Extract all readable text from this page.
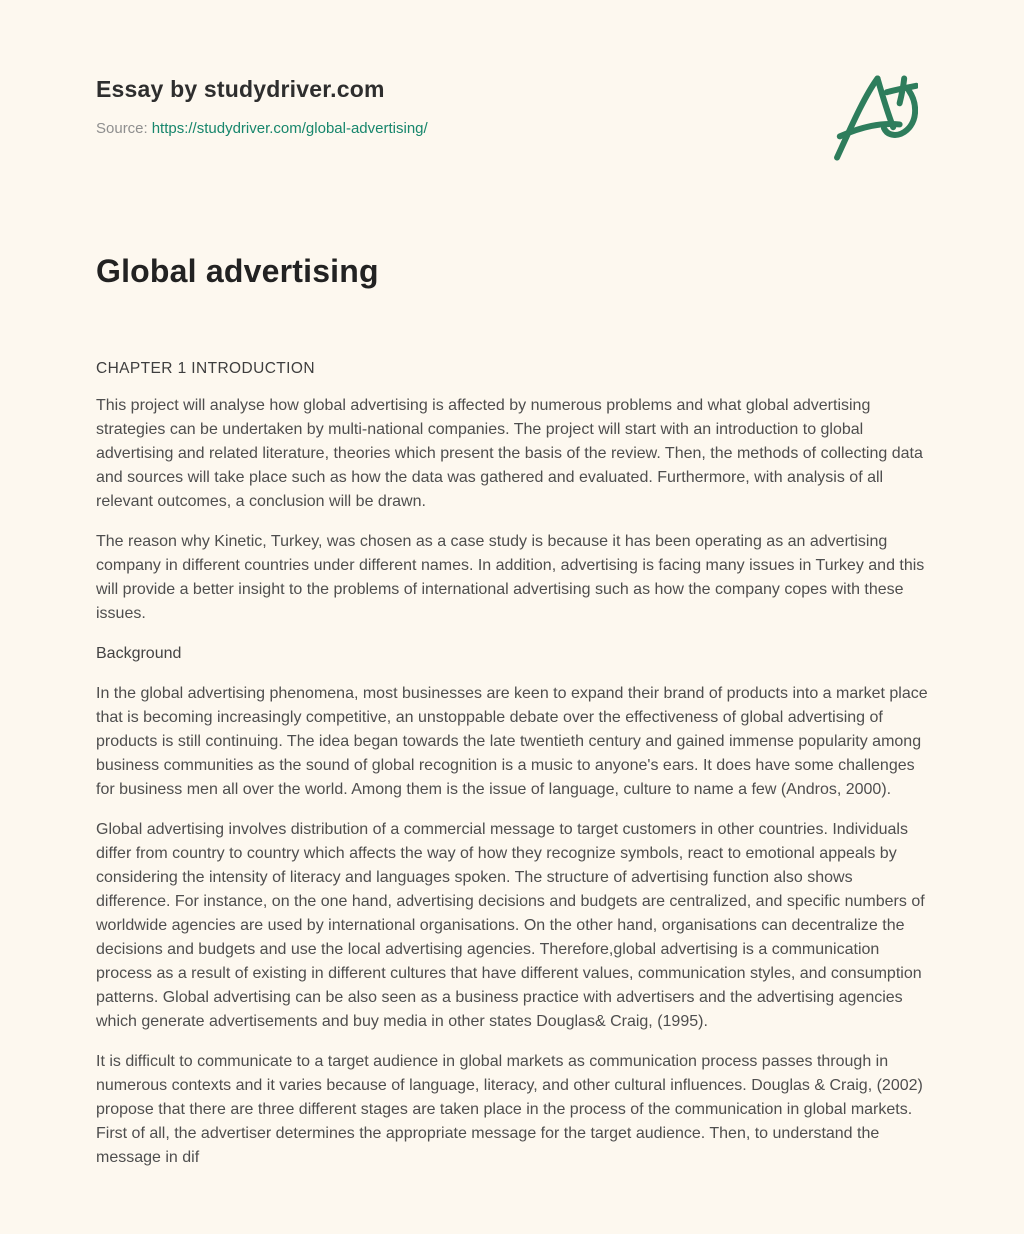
Essay by studydriver.com
Source: https://studydriver.com/global-advertising/
Global advertising
CHAPTER 1 INTRODUCTION

This project will analyse how global advertising is affected by numerous problems and what global advertising strategies can be undertaken by multi-national companies. The project will start with an introduction to global advertising and related literature, theories which present the basis of the review. Then, the methods of collecting data and sources will take place such as how the data was gathered and evaluated. Furthermore, with analysis of all relevant outcomes, a conclusion will be drawn.

The reason why Kinetic, Turkey, was chosen as a case study is because it has been operating as an advertising company in different countries under different names. In addition, advertising is facing many issues in Turkey and this will provide a better insight to the problems of international advertising such as how the company copes with these issues.

Background

In the global advertising phenomena, most businesses are keen to expand their brand of products into a market place that is becoming increasingly competitive, an unstoppable debate over the effectiveness of global advertising of products is still continuing. The idea began towards the late twentieth century and gained immense popularity among business communities as the sound of global recognition is a music to anyone's ears. It does have some challenges for business men all over the world. Among them is the issue of language, culture to name a few (Andros, 2000).

Global advertising involves distribution of a commercial message to target customers in other countries. Individuals differ from country to country which affects the way of how they recognize symbols, react to emotional appeals by considering the intensity of literacy and languages spoken. The structure of advertising function also shows difference. For instance, on the one hand, advertising decisions and budgets are centralized, and specific numbers of worldwide agencies are used by international organisations. On the other hand, organisations can decentralize the decisions and budgets and use the local advertising agencies. Therefore,global advertising is a communication process as a result of existing in different cultures that have different values, communication styles, and consumption patterns. Global advertising can be also seen as a business practice with advertisers and the advertising agencies which generate advertisements and buy media in other states Douglas& Craig, (1995).

It is difficult to communicate to a target audience in global markets as communication process passes through in numerous contexts and it varies because of language, literacy, and other cultural influences. Douglas & Craig, (2002) propose that there are three different stages are taken place in the process of the communication in global markets. First of all, the advertiser determines the appropriate message for the target audience. Then, to understand the message in dif
